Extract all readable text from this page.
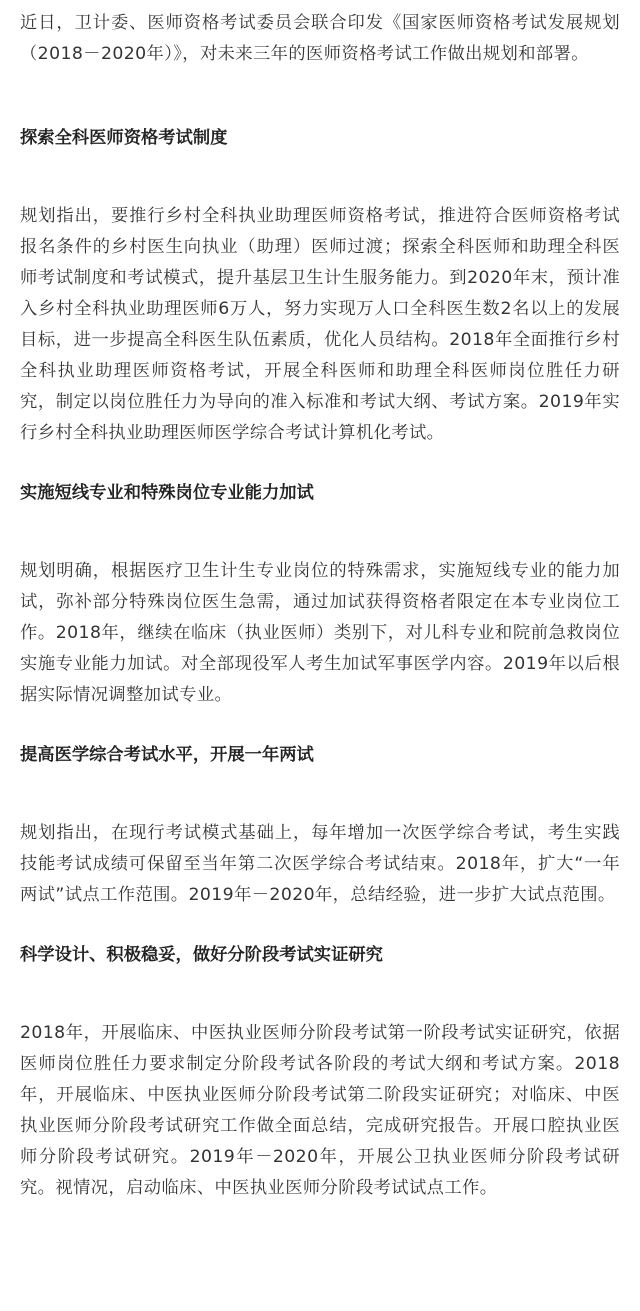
近日，卫计委、医师资格考试委员会联合印发《国家医师资格考试发展规划（2018－2020年）》，对未来三年的医师资格考试工作做出规划和部署。

探索全科医师资格考试制度

规划指出，要推行乡村全科执业助理医师资格考试，推进符合医师资格考试报名条件的乡村医生向执业（助理）医师过渡；探索全科医师和助理全科医师考试制度和考试模式，提升基层卫生计生服务能力。到2020年末，预计准入乡村全科执业助理医师6万人，努力实现万人口全科医生数2名以上的发展目标，进一步提高全科医生队伍素质，优化人员结构。2018年全面推行乡村全科执业助理医师资格考试，开展全科医师和助理全科医师岗位胜任力研究，制定以岗位胜任力为导向的准入标准和考试大纲、考试方案。2019年实行乡村全科执业助理医师医学综合考试计算机化考试。

实施短线专业和特殊岗位专业能力加试

规划明确，根据医疗卫生计生专业岗位的特殊需求，实施短线专业的能力加试，弥补部分特殊岗位医生急需，通过加试获得资格者限定在本专业岗位工作。2018年，继续在临床（执业医师）类别下，对儿科专业和院前急救岗位实施专业能力加试。对全部现役军人考生加试军事医学内容。2019年以后根据实际情况调整加试专业。

提高医学综合考试水平，开展一年两试

规划指出，在现行考试模式基础上，每年增加一次医学综合考试，考生实践技能考试成绩可保留至当年第二次医学综合考试结束。2018年，扩大“一年两试”试点工作范围。2019年－2020年，总结经验，进一步扩大试点范围。

科学设计、积极稳妥，做好分阶段考试实证研究

2018年，开展临床、中医执业医师分阶段考试第一阶段考试实证研究，依据医师岗位胜任力要求制定分阶段考试各阶段的考试大纲和考试方案。2018年，开展临床、中医执业医师分阶段考试第二阶段实证研究；对临床、中医执业医师分阶段考试研究工作做全面总结，完成研究报告。开展口腔执业医师分阶段考试研究。2019年－2020年，开展公卫执业医师分阶段考试研究。视情况，启动临床、中医执业医师分阶段考试试点工作。
